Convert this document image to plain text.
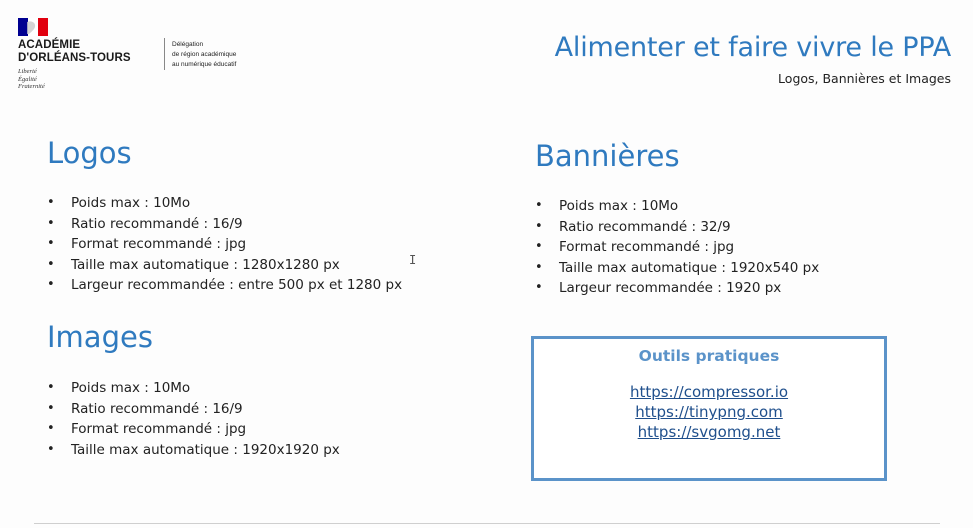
ACADÉMIE
D'ORLÉANS-TOURS
Liberté
Égalité
Fraternité
Délégation
de région académique
au numérique éducatif
Alimenter et faire vivre le PPA
Logos, Bannières et Images
Logos
• Poids max : 10Mo
• Ratio recommandé : 16/9
• Format recommandé : jpg
• Taille max automatique : 1280x1280 px
• Largeur recommandée : entre 500 px et 1280 px
Bannières
• Poids max : 10Mo
• Ratio recommandé : 32/9
• Format recommandé : jpg
• Taille max automatique : 1920x540 px
• Largeur recommandée : 1920 px
Images
• Poids max : 10Mo
• Ratio recommandé : 16/9
• Format recommandé : jpg
• Taille max automatique : 1920x1920 px
Outils pratiques
https://compressor.io
https://tinypng.com
https://svgomg.net
I
